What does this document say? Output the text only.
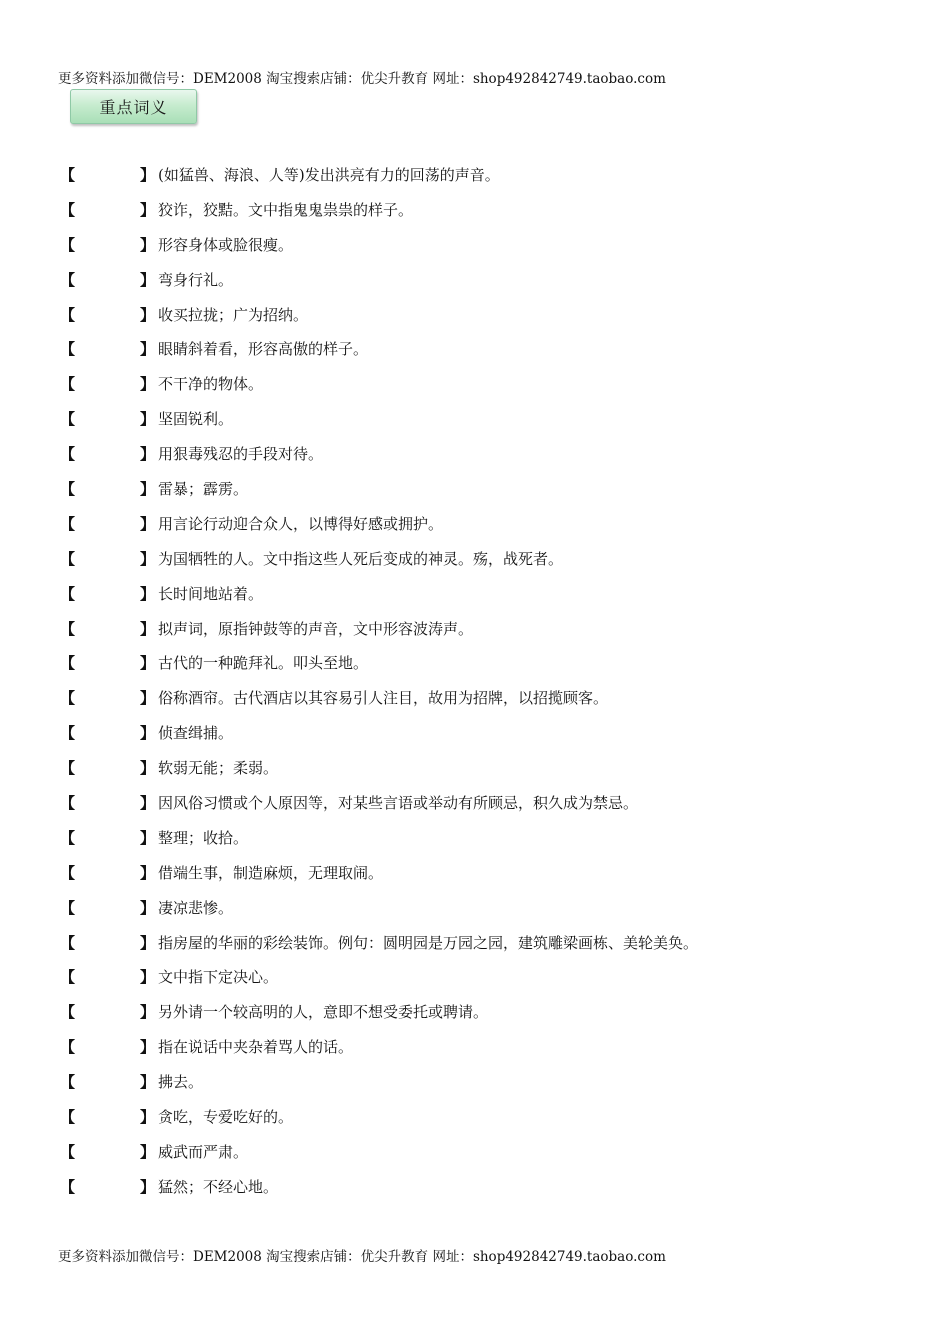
更多资料添加微信号：DEM2008 淘宝搜索店铺：优尖升教育 网址：shop492842749.taobao.com
重点词义
【	】 (如猛兽、海浪、人等)发出洪亮有力的回荡的声音。
【	】 狡诈，狡黠。文中指鬼鬼祟祟的样子。
【	】 形容身体或脸很瘦。
【	】 弯身行礼。
【	】 收买拉拢；广为招纳。
【	】 眼睛斜着看，形容高傲的样子。
【	】 不干净的物体。
【	】 坚固锐利。
【	】 用狠毒残忍的手段对待。
【	】 雷暴；霹雳。
【	】 用言论行动迎合众人，以博得好感或拥护。
【	】 为国牺牲的人。文中指这些人死后变成的神灵。殇，战死者。
【	】 长时间地站着。
【	】 拟声词，原指钟鼓等的声音，文中形容波涛声。
【	】 古代的一种跪拜礼。叩头至地。
【	】 俗称酒帘。古代酒店以其容易引人注目，故用为招牌，以招揽顾客。
【	】 侦查缉捕。
【	】 软弱无能；柔弱。
【	】 因风俗习惯或个人原因等，对某些言语或举动有所顾忌，积久成为禁忌。
【	】 整理；收拾。
【	】 借端生事，制造麻烦，无理取闹。
【	】 凄凉悲惨。
【	】 指房屋的华丽的彩绘装饰。例句：圆明园是万园之园，建筑雕梁画栋、美轮美奂。
【	】 文中指下定决心。
【	】 另外请一个较高明的人，意即不想受委托或聘请。
【	】 指在说话中夹杂着骂人的话。
【	】 拂去。
【	】 贪吃，专爱吃好的。
【	】 威武而严肃。
【	】 猛然；不经心地。
更多资料添加微信号：DEM2008 淘宝搜索店铺：优尖升教育 网址：shop492842749.taobao.com
